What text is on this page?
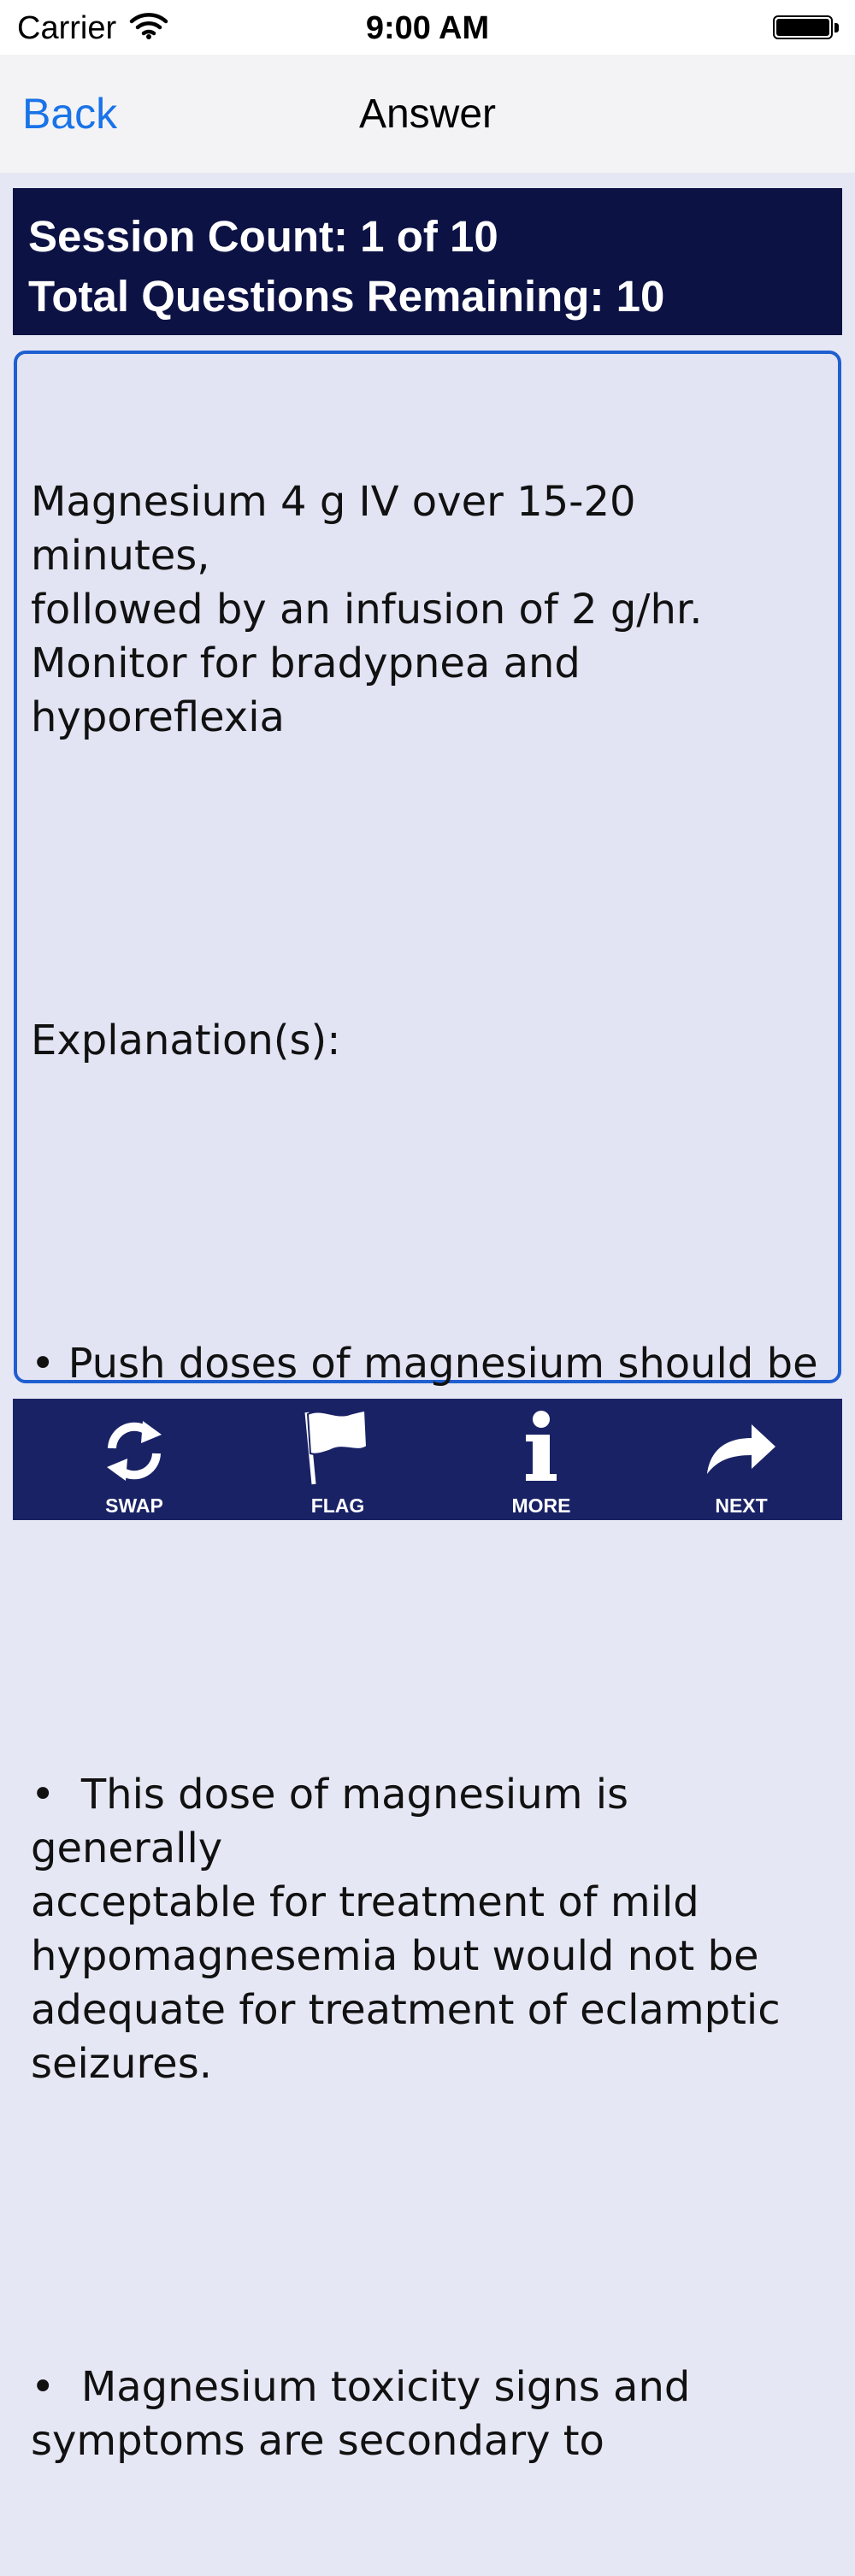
Carrier	9:00 AM
Back	Answer
Session Count: 1 of 10
Total Questions Remaining: 10

Magnesium 4 g IV over 15-20 minutes,
followed by an infusion of 2 g/hr.
Monitor for bradypnea and
hyporeflexia

Explanation(s):

• Push doses of magnesium should be

•  This dose of magnesium is generally
acceptable for treatment of mild
hypomagnesemia but would not be
adequate for treatment of eclamptic
seizures.

•  Magnesium toxicity signs and
symptoms are secondary to

SWAP	FLAG	MORE	NEXT
